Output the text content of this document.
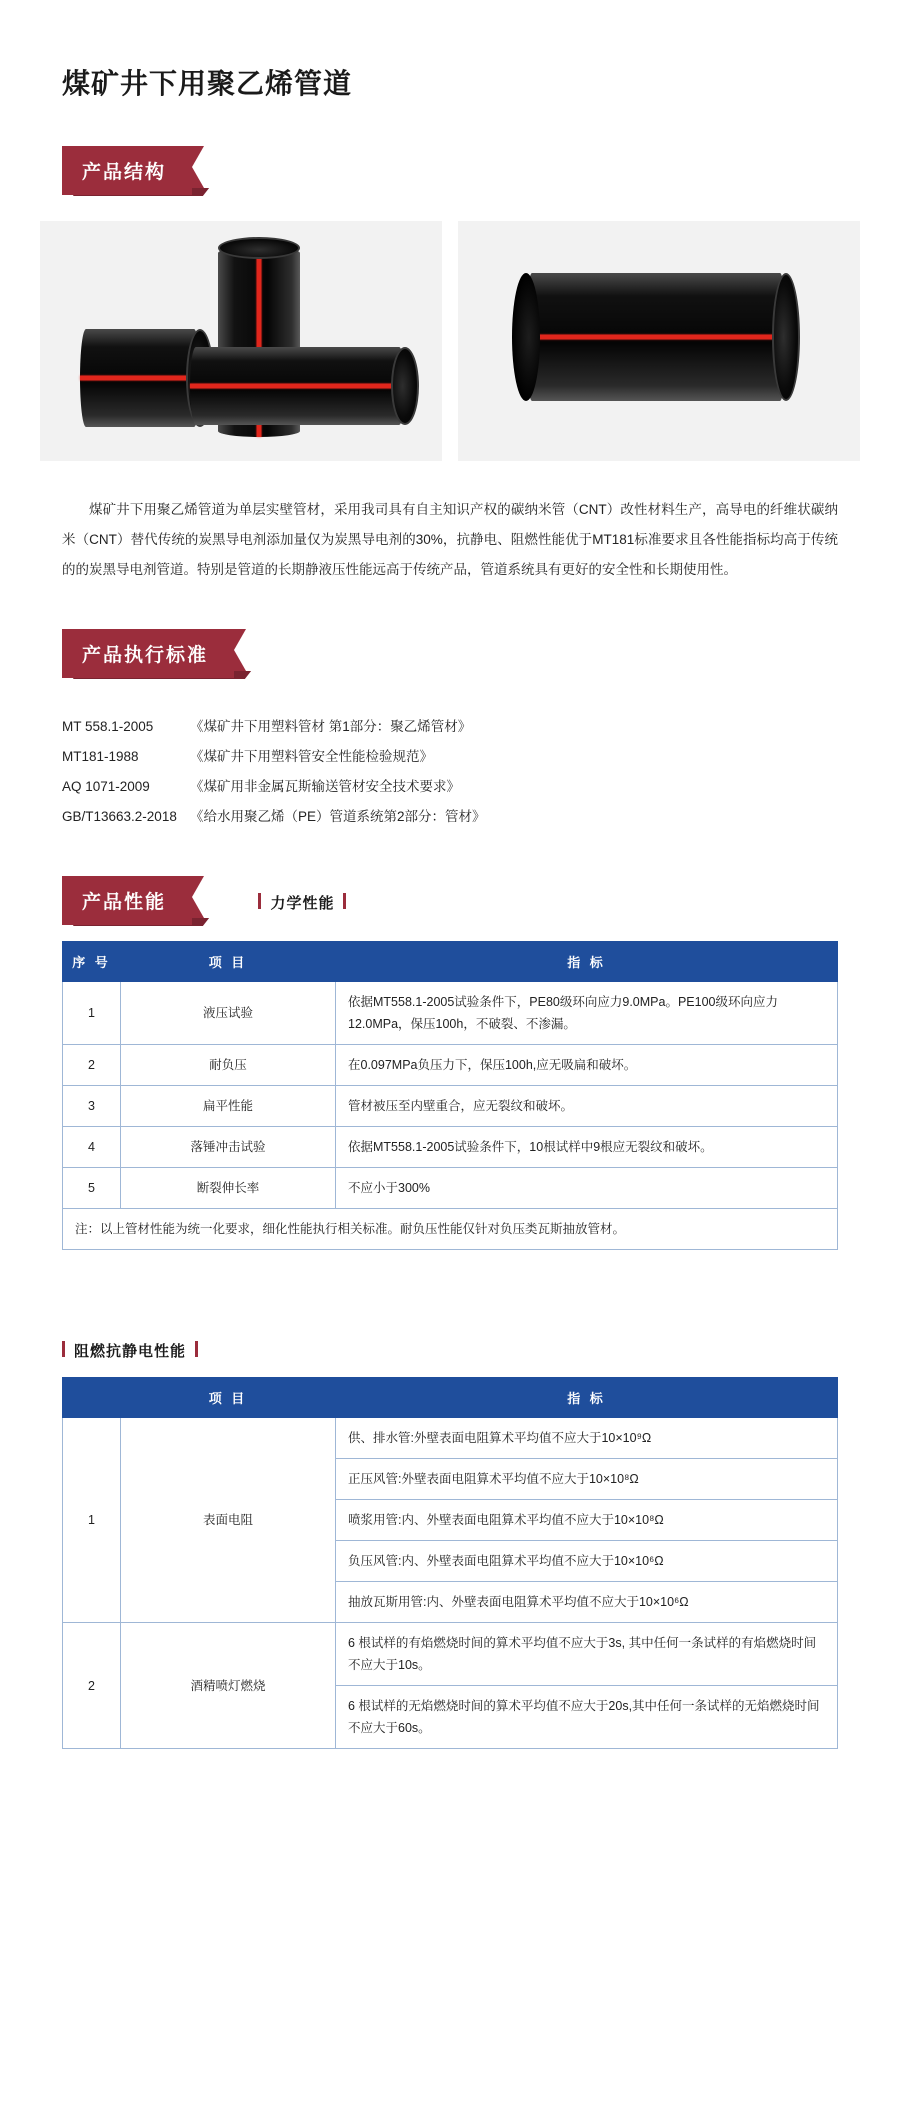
煤矿井下用聚乙烯管道
产品结构

煤矿井下用聚乙烯管道为单层实壁管材，采用我司具有自主知识产权的碳纳米管（CNT）改性材料生产，高导电的纤维状碳纳米（CNT）替代传统的炭黑导电剂添加量仅为炭黑导电剂的30%，抗静电、阻燃性能优于MT181标准要求且各性能指标均高于传统的的炭黑导电剂管道。特别是管道的长期静液压性能远高于传统产品，管道系统具有更好的安全性和长期使用性。

产品执行标准
MT 558.1-2005	《煤矿井下用塑料管材 第1部分：聚乙烯管材》
MT181-1988	《煤矿井下用塑料管安全性能检验规范》
AQ 1071-2009	《煤矿用非金属瓦斯输送管材安全技术要求》
GB/T13663.2-2018 《给水用聚乙烯（PE）管道系统第2部分：管材》
产品性能	力学性能
序 号	项 目	指 标
1	液压试验	依据MT558.1-2005试验条件下，PE80级环向应力9.0MPa。PE100级环向应力12.0MPa，保压100h，不破裂、不渗漏。
2	耐负压	在0.097MPa负压力下，保压100h,应无吸扁和破坏。
3	扁平性能	管材被压至内壁重合，应无裂纹和破坏。
4	落锤冲击试验	依据MT558.1-2005试验条件下，10根试样中9根应无裂纹和破坏。
5	断裂伸长率	不应小于300%
注：以上管材性能为统一化要求，细化性能执行相关标准。耐负压性能仅针对负压类瓦斯抽放管材。		
阻燃抗静电性能
	项 目	指 标
1	表面电阻	供、排水管:外壁表面电阻算术平均值不应大于10×10⁹Ω
		正压风管:外壁表面电阻算术平均值不应大于10×10⁸Ω
		喷浆用管:内、外壁表面电阻算术平均值不应大于10×10⁸Ω
		负压风管:内、外壁表面电阻算术平均值不应大于10×10⁶Ω
		抽放瓦斯用管:内、外壁表面电阻算术平均值不应大于10×10⁶Ω
2	酒精喷灯燃烧	6 根试样的有焰燃烧时间的算术平均值不应大于3s, 其中任何一条试样的有焰燃烧时间不应大于10s。
		6 根试样的无焰燃烧时间的算术平均值不应大于20s,其中任何一条试样的无焰燃烧时间不应大于60s。
